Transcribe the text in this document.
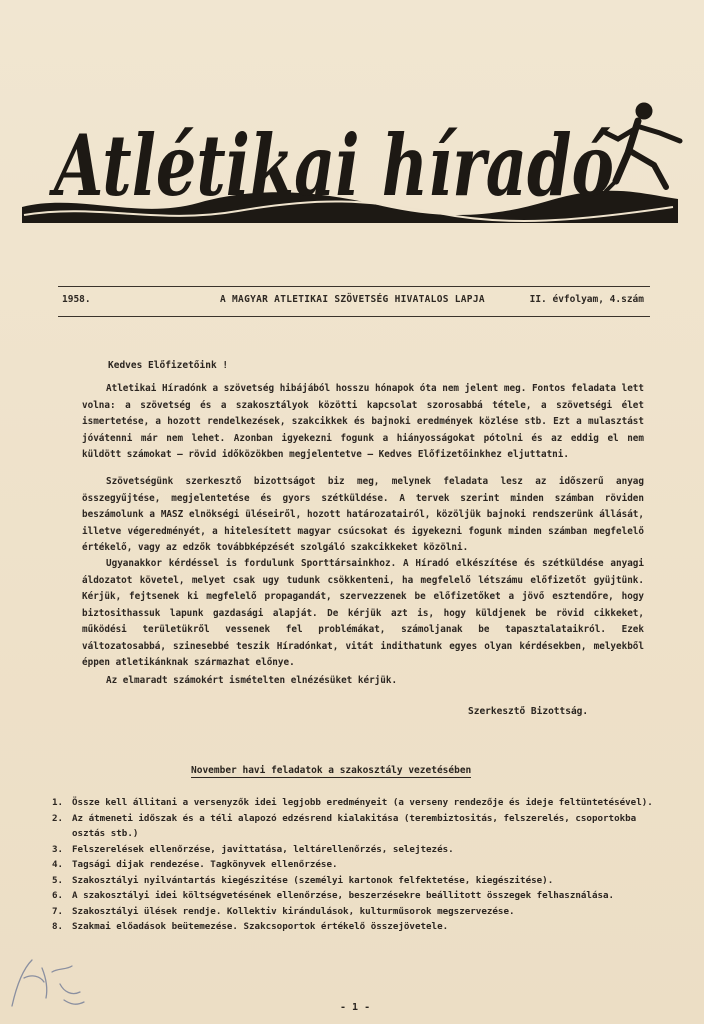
Atlétikai híradó
1958.	A MAGYAR ATLETIKAI SZÖVETSÉG HIVATALOS LAPJA	II. évfolyam, 4.szám
Kedves Előfizetőink !
Atletikai Híradónk a szövetség hibájából hosszu hónapok óta nem jelent meg. Fontos feladata lett volna: a szövetség és a szakosztályok közötti kapcsolat szorosabbá tétele, a szövetségi élet ismertetése, a hozott rendelkezések, szakcikkek és bajnoki eredmények közlése stb. Ezt a mulasztást jóvátenni már nem lehet. Azonban igyekezni fogunk a hiányosságokat pótolni és az eddig el nem küldött számokat — rövid időközökben megjelentetve — Kedves Előfizetőinkhez eljuttatni.
Szövetségünk szerkesztő bizottságot biz meg, melynek feladata lesz az időszerű anyag összegyűjtése, megjelentetése és gyors szétküldése. A tervek szerint minden számban röviden beszámolunk a MASZ elnökségi üléseiről, hozott határozatairól, közöljük bajnoki rendszerünk állását, illetve végeredményét, a hitelesített magyar csúcsokat és igyekezni fogunk minden számban megfelelő értékelő, vagy az edzők továbbképzését szolgáló szakcikkeket közölni.
Ugyanakkor kérdéssel is fordulunk Sporttársainkhoz. A Híradó elkészítése és szétküldése anyagi áldozatot követel, melyet csak ugy tudunk csökkenteni, ha megfelelő létszámu előfizetőt gyüjtünk. Kérjük, fejtsenek ki megfelelő propagandát, szervezzenek be előfizetőket a jövő esztendőre, hogy biztosithassuk lapunk gazdasági alapját. De kérjük azt is, hogy küldjenek be rövid cikkeket, működési területükről vessenek fel problémákat, számoljanak be tapasztalataikról. Ezek változatosabbá, szinesebbé teszik Híradónkat, vitát indithatunk egyes olyan kérdésekben, melyekből éppen atletikánknak származhat előnye.
Az elmaradt számokért ismételten elnézésüket kérjük.
Szerkesztő Bizottság.
November havi feladatok a szakosztály vezetésében
1. Össze kell állitani a versenyzők idei legjobb eredményeit (a verseny rendezője és ideje feltüntetésével).
2. Az átmeneti időszak és a téli alapozó edzésrend kialakitása (terembiztositás, felszerelés, csoportokba osztás stb.)
3. Felszerelések ellenőrzése, javittatása, leltárellenőrzés, selejtezés.
4. Tagsági dijak rendezése. Tagkönyvek ellenőrzése.
5. Szakosztályi nyilvántartás kiegészitése (személyi kartonok felfektetése, kiegészitése).
6. A szakosztályi idei költségvetésének ellenőrzése, beszerzésekre beállitott összegek felhasználása.
7. Szakosztályi ülések rendje. Kollektiv kirándulások, kulturműsorok megszervezése.
8. Szakmai előadások beütemezése. Szakcsoportok értékelő összejövetele.
- 1 -
